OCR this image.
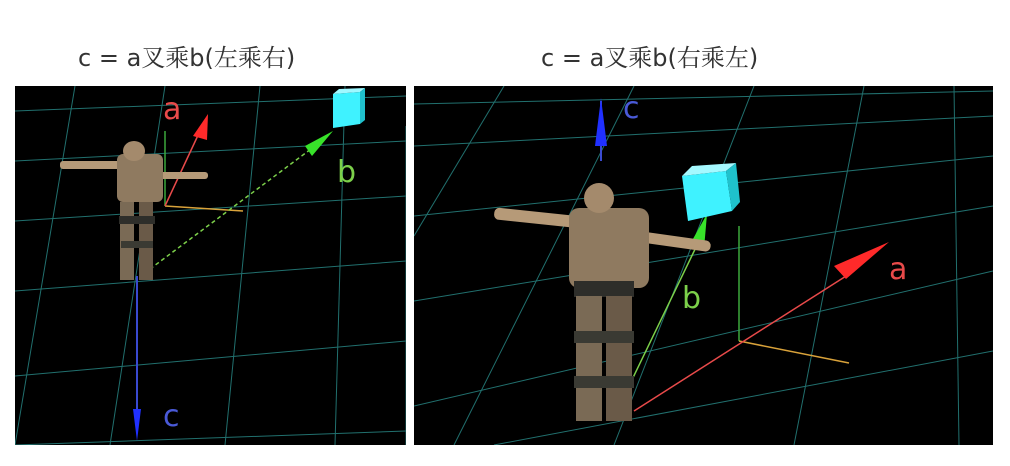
c = a叉乘b(左乘右)	c = a叉乘b(右乘左)
a
b
c
c
a
b
